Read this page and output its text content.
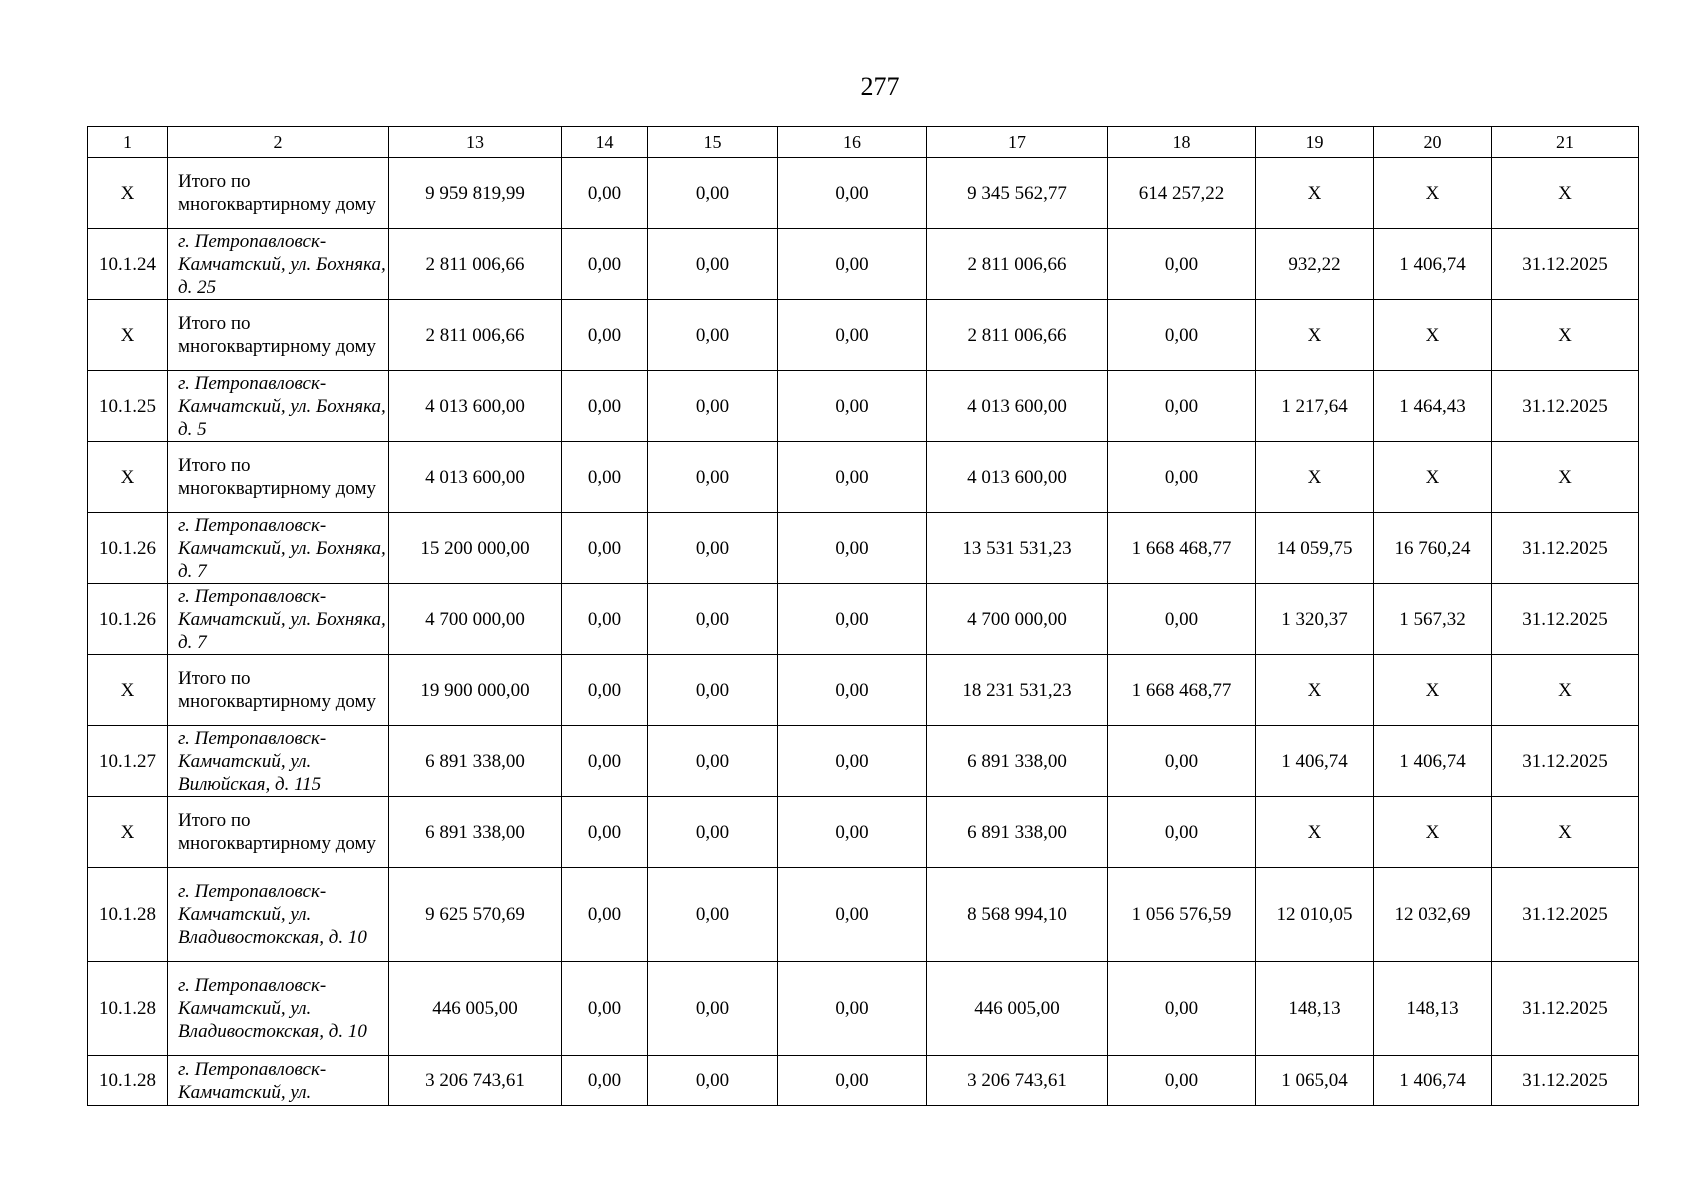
277
1	2	13	14	15	16	17	18	19	20	21
X	Итого по многоквартирному дому	9 959 819,99	0,00	0,00	0,00	9 345 562,77	614 257,22	X	X	X
10.1.24	г. Петропавловск-Камчатский, ул. Бохняка, д. 25	2 811 006,66	0,00	0,00	0,00	2 811 006,66	0,00	932,22	1 406,74	31.12.2025
X	Итого по многоквартирному дому	2 811 006,66	0,00	0,00	0,00	2 811 006,66	0,00	X	X	X
10.1.25	г. Петропавловск-Камчатский, ул. Бохняка, д. 5	4 013 600,00	0,00	0,00	0,00	4 013 600,00	0,00	1 217,64	1 464,43	31.12.2025
X	Итого по многоквартирному дому	4 013 600,00	0,00	0,00	0,00	4 013 600,00	0,00	X	X	X
10.1.26	г. Петропавловск-Камчатский, ул. Бохняка, д. 7	15 200 000,00	0,00	0,00	0,00	13 531 531,23	1 668 468,77	14 059,75	16 760,24	31.12.2025
10.1.26	г. Петропавловск-Камчатский, ул. Бохняка, д. 7	4 700 000,00	0,00	0,00	0,00	4 700 000,00	0,00	1 320,37	1 567,32	31.12.2025
X	Итого по многоквартирному дому	19 900 000,00	0,00	0,00	0,00	18 231 531,23	1 668 468,77	X	X	X
10.1.27	г. Петропавловск-Камчатский, ул. Вилюйская, д. 115	6 891 338,00	0,00	0,00	0,00	6 891 338,00	0,00	1 406,74	1 406,74	31.12.2025
X	Итого по многоквартирному дому	6 891 338,00	0,00	0,00	0,00	6 891 338,00	0,00	X	X	X
10.1.28	г. Петропавловск-Камчатский, ул. Владивостокская, д. 10	9 625 570,69	0,00	0,00	0,00	8 568 994,10	1 056 576,59	12 010,05	12 032,69	31.12.2025
10.1.28	г. Петропавловск-Камчатский, ул. Владивостокская, д. 10	446 005,00	0,00	0,00	0,00	446 005,00	0,00	148,13	148,13	31.12.2025
10.1.28	г. Петропавловск-Камчатский, ул.	3 206 743,61	0,00	0,00	0,00	3 206 743,61	0,00	1 065,04	1 406,74	31.12.2025
